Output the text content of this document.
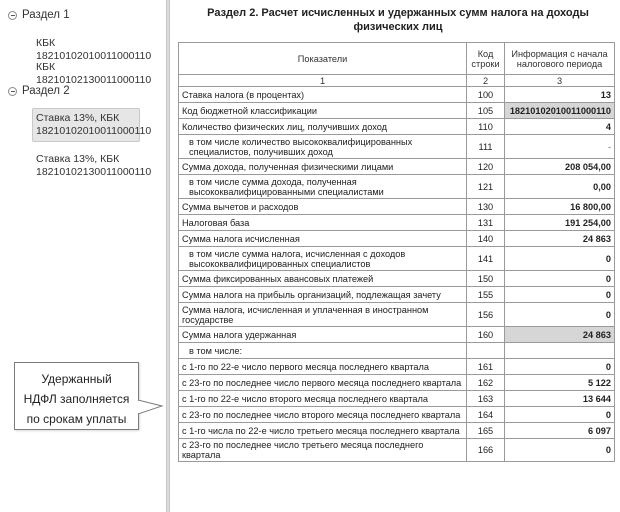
Раздел 1
КБК 18210102010011000110
КБК 18210102130011000110
Раздел 2
Ставка 13%, КБК
18210102010011000110
Ставка 13%, КБК
18210102130011000110
Удержанный
НДФЛ заполняется
по срокам уплаты
Раздел 2. Расчет исчисленных и удержанных сумм налога на доходы
физических лиц
Показатели	Код строки	Информация с начала налогового периода
1	2	3
Ставка налога (в процентах)	100	13
Код бюджетной классификации	105	18210102010011000110
Количество физических лиц, получивших доход	110	4
в том числе количество высококвалифицированных специалистов, получивших доход	111	-
Сумма дохода, полученная физическими лицами	120	208 054,00
в том числе сумма дохода, полученная высококвалифицированными специалистами	121	0,00
Сумма вычетов и расходов	130	16 800,00
Налоговая база	131	191 254,00
Сумма налога исчисленная	140	24 863
в том числе сумма налога, исчисленная с доходов высококвалифицированных специалистов	141	0
Сумма фиксированных авансовых платежей	150	0
Сумма налога на прибыль организаций, подлежащая зачету	155	0
Сумма налога, исчисленная и уплаченная в иностранном государстве	156	0
Сумма налога удержанная	160	24 863
в том числе:		
с 1-го по 22-е число первого месяца последнего квартала	161	0
с 23-го по последнее число первого месяца последнего квартала	162	5 122
с 1-го по 22-е число второго месяца последнего квартала	163	13 644
с 23-го по последнее число второго месяца последнего квартала	164	0
с 1-го числа по 22-е число третьего месяца последнего квартала	165	6 097
с 23-го по последнее число третьего месяца последнего квартала	166	0
